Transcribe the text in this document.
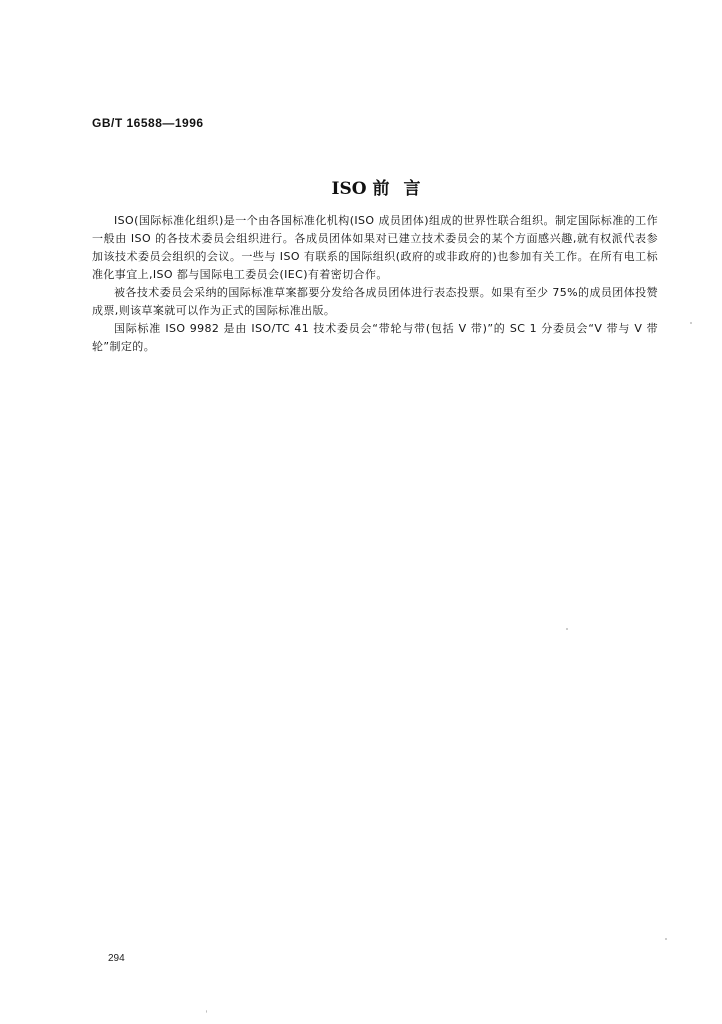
GB/T 16588—1996
ISO 前 言

ISO(国际标准化组织)是一个由各国标准化机构(ISO 成员团体)组成的世界性联合组织。制定国际标准的工作一般由 ISO 的各技术委员会组织进行。各成员团体如果对已建立技术委员会的某个方面感兴趣,就有权派代表参加该技术委员会组织的会议。一些与 ISO 有联系的国际组织(政府的或非政府的)也参加有关工作。在所有电工标准化事宜上,ISO 都与国际电工委员会(IEC)有着密切合作。

被各技术委员会采纳的国际标准草案都要分发给各成员团体进行表态投票。如果有至少 75%的成员团体投赞成票,则该草案就可以作为正式的国际标准出版。

国际标准 ISO 9982 是由 ISO/TC 41 技术委员会“带轮与带(包括 V 带)”的 SC 1 分委员会“V 带与 V 带轮”制定的。

294
